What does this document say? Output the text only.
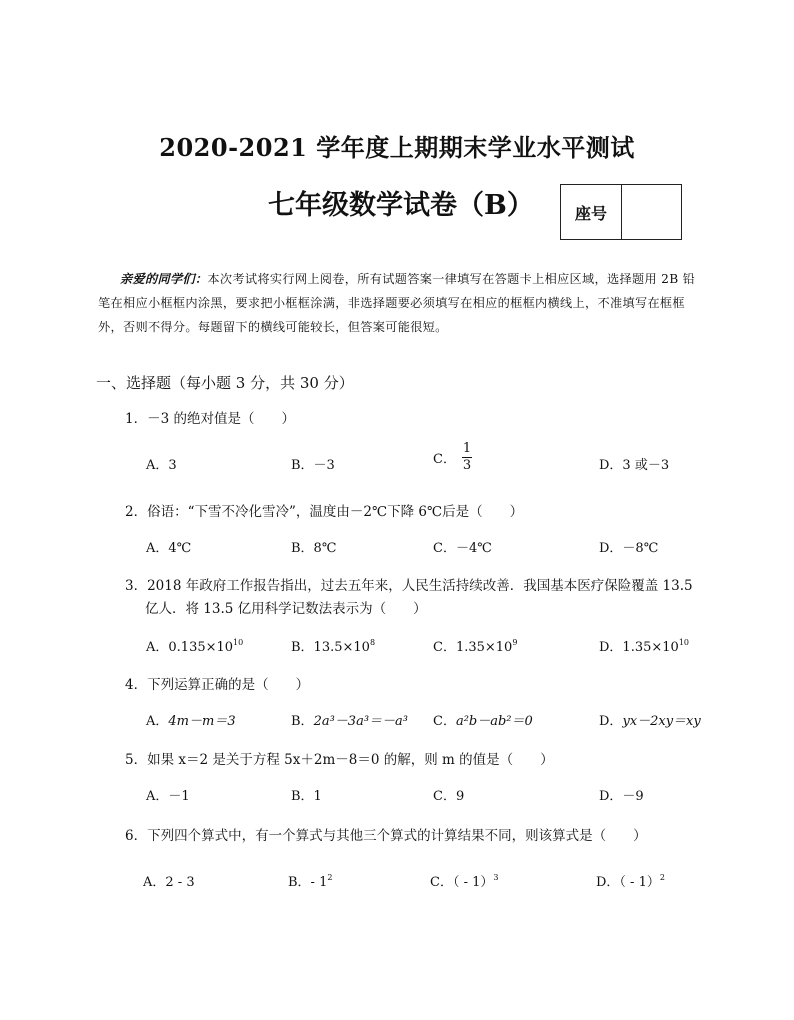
2020-2021 学年度上期期末学业水平测试
七年级数学试卷（B）	座号
亲爱的同学们：本次考试将实行网上阅卷，所有试题答案一律填写在答题卡上相应区域，选择题用 2B 铅笔在相应小框框内涂黑，要求把小框框涂满，非选择题要必须填写在相应的框框内横线上，不准填写在框框外，否则不得分。每题留下的横线可能较长，但答案可能很短。
一、选择题（每小题 3 分，共 30 分）
1．－3 的绝对值是（　　）
A．3	B．－3	C． $\frac{1}{3}$	D．3 或－3
2．俗语：“下雪不冷化雪冷”，温度由－2℃下降 6℃后是（　　）
A．4℃	B．8℃	C．－4℃	D．－8℃
3．2018 年政府工作报告指出，过去五年来，人民生活持续改善．我国基本医疗保险覆盖 13.5
亿人．将 13.5 亿用科学记数法表示为（　　）
A．$0.135\times 10^{10}$	B．$13.5\times 10^8$	C．$1.35\times 10^9$	D．$1.35\times 10^{10}$
4．下列运算正确的是（　　）
A．4m－m＝3	B．2a³－3a³＝－a³ C．a²b－ab²＝0	D．yx－2xy＝xy
5．如果 x＝2 是关于方程 5x＋2m－8＝0 的解，则 m 的值是（　　）
A．－1	B．1	C．9	D．－9
6．下列四个算式中，有一个算式与其他三个算式的计算结果不同，则该算式是（　　）
A．2 - 3	B．- $1^2$	C．（ - 1）$^3$	D．（ - 1）$^2$
